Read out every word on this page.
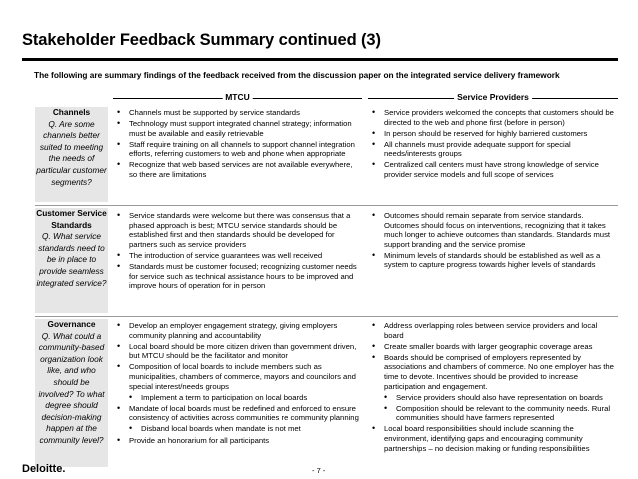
Stakeholder Feedback Summary continued (3)
The following are summary findings of the feedback received from the discussion paper on the integrated service delivery framework
MTCU	Service Providers
Channels
Q. Are some channels better suited to meeting the needs of particular customer segments?
• Channels must be supported by service standards
• Technology must support integrated channel strategy; information must be available and easily retrievable
• Staff require training on all channels to support channel integration efforts, referring customers to web and phone when appropriate
• Recognize that web based services are not available everywhere, so there are limitations
• Service providers welcomed the concepts that customers should be directed to the web and phone first (before in person)
• In person should be reserved for highly barriered customers
• All channels must provide adequate support for special needs/interests groups
• Centralized call centers must have strong knowledge of service provider service models and full scope of services
Customer Service Standards
Q. What service standards need to be in place to provide seamless integrated service?
• Service standards were welcome but there was consensus that a phased approach is best; MTCU service standards should be established first and then standards should be developed for partners such as service providers
• The introduction of service guarantees was well received
• Standards must be customer focused; recognizing customer needs for service such as technical assistance hours to be improved and improve hours of operation for in person
• Outcomes should remain separate from service standards. Outcomes should focus on interventions, recognizing that it takes much longer to achieve outcomes than standards. Standards must support branding and the service promise
• Minimum levels of standards should be established as well as a system to capture progress towards higher levels of standards
Governance
Q. What could a community-based organization look like, and who should be involved? To what degree should decision-making happen at the community level?
• Develop an employer engagement strategy, giving employers community planning and accountability
• Local board should be more citizen driven than government driven, but MTCU should be the facilitator and monitor
• Composition of local boards to include members such as municipalities, chambers of commerce, mayors and councilors and special interest/needs groups
• Implement a term to participation on local boards
• Mandate of local boards must be redefined and enforced to ensure consistency of activities across communities re community planning
• Disband local boards when mandate is not met
• Provide an honorarium for all participants
• Address overlapping roles between service providers and local board
• Create smaller boards with larger geographic coverage areas
• Boards should be comprised of employers represented by associations and chambers of commerce. No one employer has the time to devote. Incentives should be provided to increase participation and engagement.
• Service providers should also have representation on boards
• Composition should be relevant to the community needs. Rural communities should have farmers represented
• Local board responsibilities should include scanning the environment, identifying gaps and encouraging community partnerships – no decision making or funding responsibilities
Deloitte.	- 7 -
